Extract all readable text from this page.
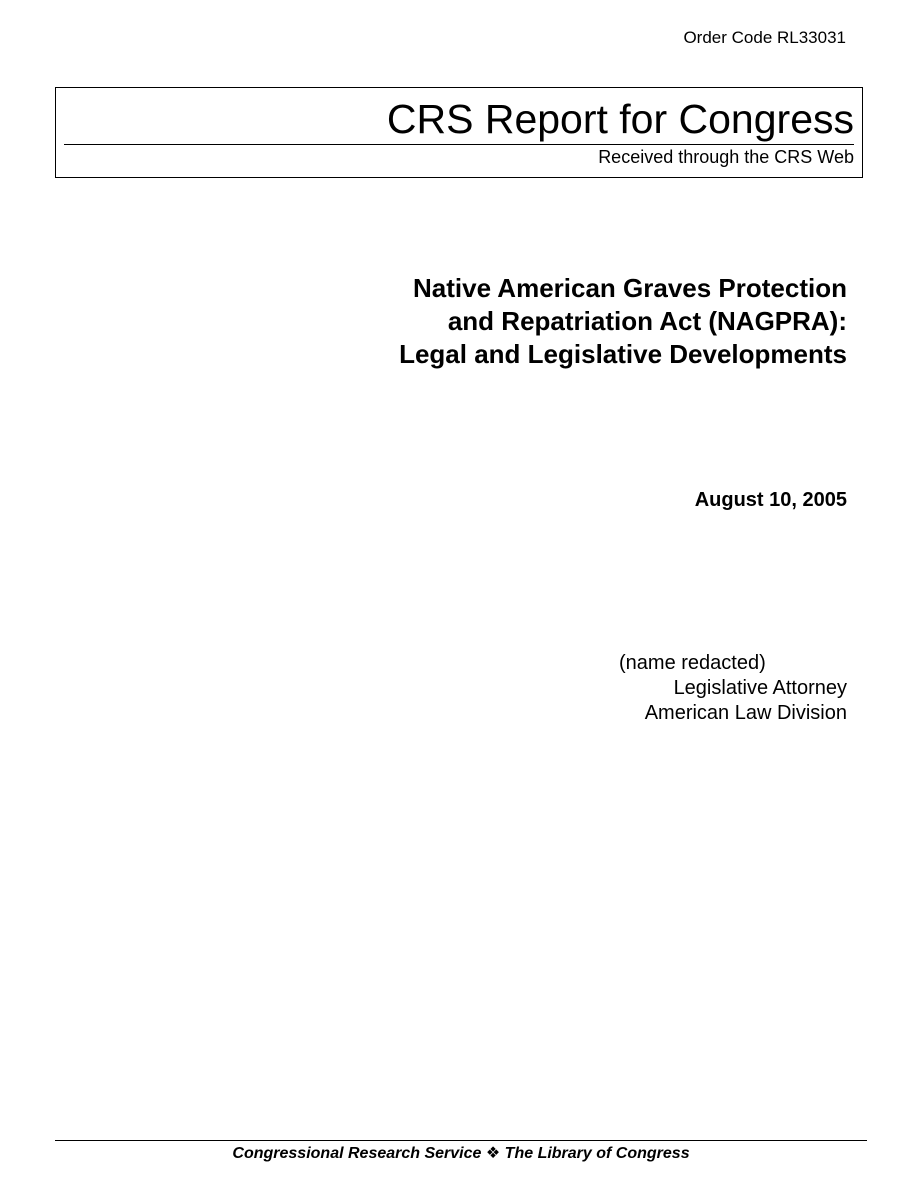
Order Code RL33031
CRS Report for Congress
Received through the CRS Web
Native American Graves Protection
and Repatriation Act (NAGPRA):
Legal and Legislative Developments
August 10, 2005
(name redacted)
Legislative Attorney
American Law Division
Congressional Research Service ❖ The Library of Congress
